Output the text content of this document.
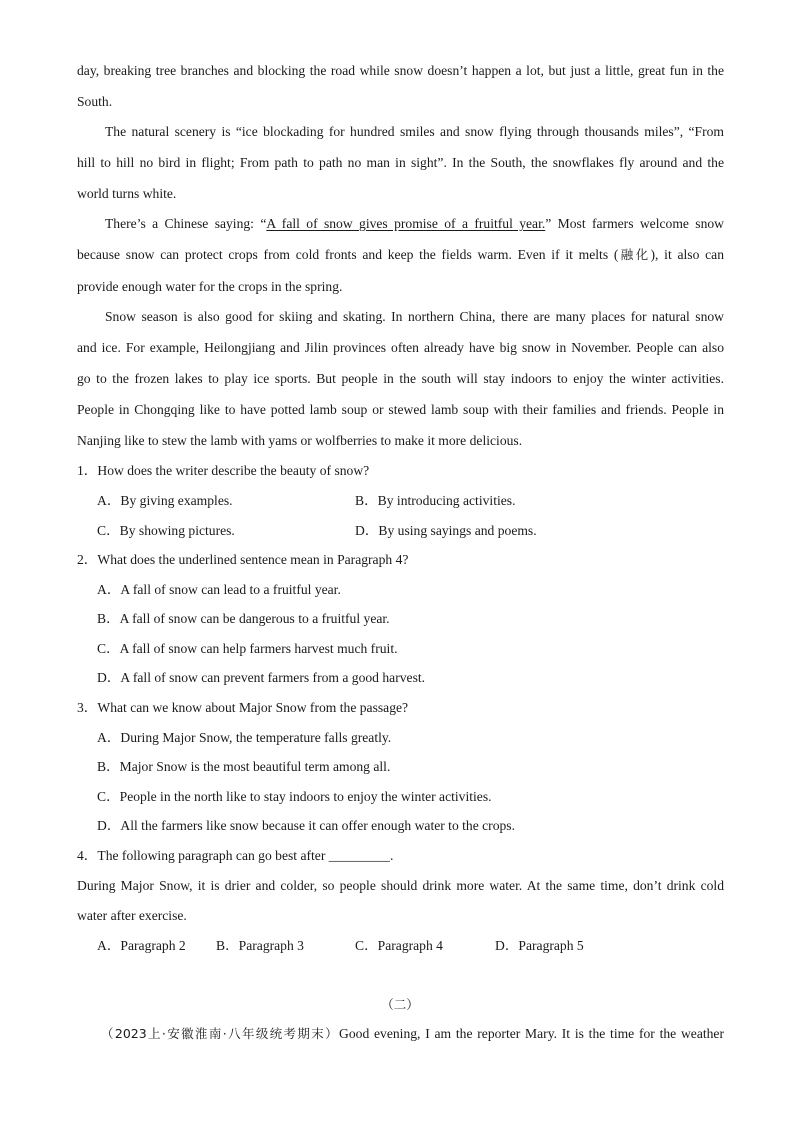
day, breaking tree branches and blocking the road while snow doesn’t happen a lot, but just a little, great fun in the
South.
The natural scenery is “ice blockading for hundred smiles and snow flying through thousands miles”, “From
hill to hill no bird in flight; From path to path no man in sight”. In the South, the snowflakes fly around and the
world turns white.
There’s a Chinese saying: “A fall of snow gives promise of a fruitful year.” Most farmers welcome snow
because snow can protect crops from cold fronts and keep the fields warm. Even if it melts (融化), it also can
provide enough water for the crops in the spring.
Snow season is also good for skiing and skating. In northern China, there are many places for natural snow
and ice. For example, Heilongjiang and Jilin provinces often already have big snow in November. People can also
go to the frozen lakes to play ice sports. But people in the south will stay indoors to enjoy the winter activities.
People in Chongqing like to have potted lamb soup or stewed lamb soup with their families and friends. People in
Nanjing like to stew the lamb with yams or wolfberries to make it more delicious.
1．How does the writer describe the beauty of snow?
A．By giving examples.	B．By introducing activities.
C．By showing pictures.	D．By using sayings and poems.
2．What does the underlined sentence mean in Paragraph 4?
A．A fall of snow can lead to a fruitful year.
B．A fall of snow can be dangerous to a fruitful year.
C．A fall of snow can help farmers harvest much fruit.
D．A fall of snow can prevent farmers from a good harvest.
3．What can we know about Major Snow from the passage?
A．During Major Snow, the temperature falls greatly.
B．Major Snow is the most beautiful term among all.
C．People in the north like to stay indoors to enjoy the winter activities.
D．All the farmers like snow because it can offer enough water to the crops.
4．The following paragraph can go best after _________.
During Major Snow, it is drier and colder, so people should drink more water. At the same time, don’t drink cold
water after exercise.
A．Paragraph 2 B．Paragraph 3	C．Paragraph 4	D．Paragraph 5
（二）
（2023上·安徽淮南·八年级统考期末）Good evening, I am the reporter Mary. It is the time for the weather
